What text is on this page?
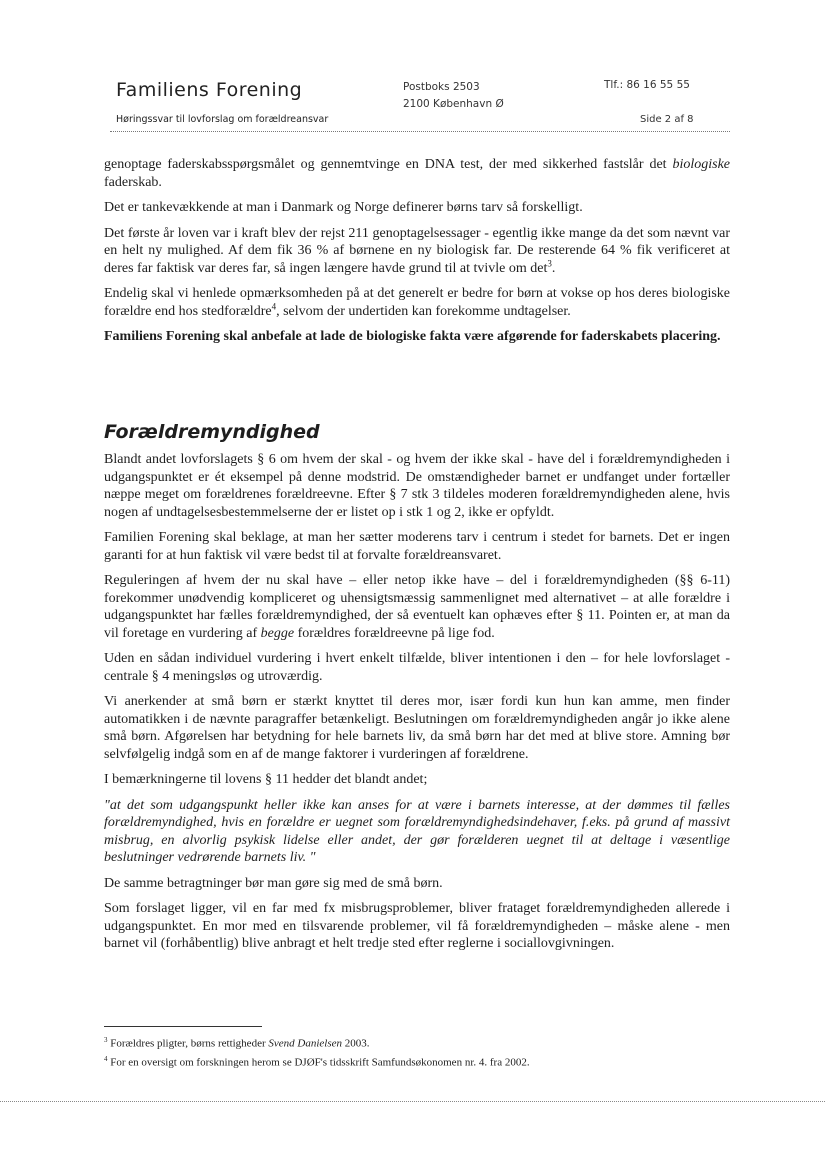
Familiens Forening	Postboks 2503
2100 København Ø
Tlf.: 86 16 55 55
Høringssvar til lovforslag om forældreansvar	Side 2 af 8

genoptage faderskabsspørgsmålet og gennemtvinge en DNA test, der med sikkerhed fastslår det biologiske faderskab.

Det er tankevækkende at man i Danmark og Norge definerer børns tarv så forskelligt.

Det første år loven var i kraft blev der rejst 211 genoptagelsessager - egentlig ikke mange da det som nævnt var en helt ny mulighed. Af dem fik 36 % af børnene en ny biologisk far. De resterende 64 % fik verificeret at deres far faktisk var deres far, så ingen længere havde grund til at tvivle om $\det^3$.

Endelig skal vi henlede opmærksomheden på at det generelt er bedre for børn at vokse op hos deres biologiske forældre end hos stedforældre$^4$, selvom der undertiden kan forekomme undtagelser.

Familiens Forening skal anbefale at lade de biologiske fakta være afgørende for faderskabets placering.

Forældremyndighed

Blandt andet lovforslagets § 6 om hvem der skal - og hvem der ikke skal - have del i forældremyndigheden i udgangspunktet er ét eksempel på denne modstrid. De omstændigheder barnet er undfanget under fortæller næppe meget om forældrenes forældreevne. Efter § 7 stk 3 tildeles moderen forældremyndigheden alene, hvis nogen af undtagelsesbestemmelserne der er listet op i stk 1 og 2, ikke er opfyldt.

Familien Forening skal beklage, at man her sætter moderens tarv i centrum i stedet for barnets. Det er ingen garanti for at hun faktisk vil være bedst til at forvalte forældreansvaret.

Reguleringen af hvem der nu skal have – eller netop ikke have – del i forældremyndigheden (§§ 6-11) forekommer unødvendig kompliceret og uhensigtsmæssig sammenlignet med alternativet – at alle forældre i udgangspunktet har fælles forældremyndighed, der så eventuelt kan ophæves efter § 11. Pointen er, at man da vil foretage en vurdering af begge forældres forældreevne på lige fod.

Uden en sådan individuel vurdering i hvert enkelt tilfælde, bliver intentionen i den – for hele lovforslaget - centrale § 4 meningsløs og utroværdig.

Vi anerkender at små børn er stærkt knyttet til deres mor, især fordi kun hun kan amme, men finder automatikken i de nævnte paragraffer betænkeligt. Beslutningen om forældremyndigheden angår jo ikke alene små børn. Afgørelsen har betydning for hele barnets liv, da små børn har det med at blive store. Amning bør selvfølgelig indgå som en af de mange faktorer i vurderingen af forældrene.

I bemærkningerne til lovens § 11 hedder det blandt andet;

"at det som udgangspunkt heller ikke kan anses for at være i barnets interesse, at der dømmes til fælles forældremyndighed, hvis en forældre er uegnet som forældremyndighedsindehaver, f.eks. på grund af massivt misbrug, en alvorlig psykisk lidelse eller andet, der gør forælderen uegnet til at deltage i væsentlige beslutninger vedrørende barnets liv. "

De samme betragtninger bør man gøre sig med de små børn.

Som forslaget ligger, vil en far med fx misbrugsproblemer, bliver frataget forældremyndigheden allerede i udgangspunktet. En mor med en tilsvarende problemer, vil få forældremyndigheden – måske alene - men barnet vil (forhåbentlig) blive anbragt et helt tredje sted efter reglerne i sociallovgivningen.

$^3$ Forældres pligter, børns rettigheder Svend Danielsen 2003.
$^4$ For en oversigt om forskningen herom se DJØF's tidsskrift Samfundsøkonomen nr. 4. fra 2002.
